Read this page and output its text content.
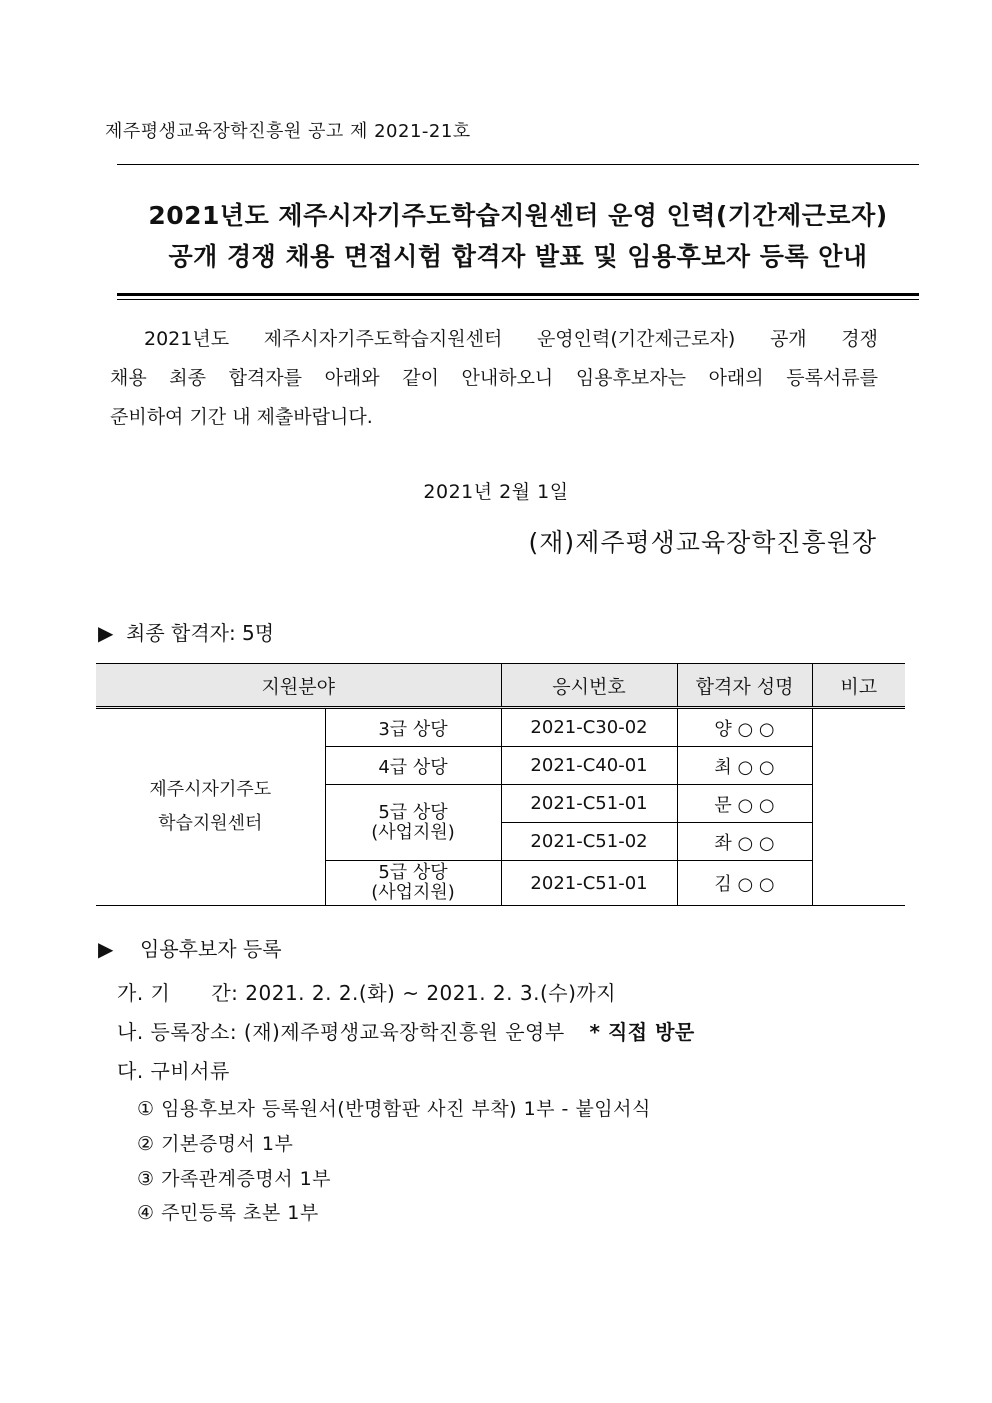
제주평생교육장학진흥원 공고 제 2021-21호
2021년도 제주시자기주도학습지원센터 운영 인력(기간제근로자)
공개 경쟁 채용 면접시험 합격자 발표 및 임용후보자 등록 안내
2021년도 제주시자기주도학습지원센터 운영인력(기간제근로자) 공개 경쟁
채용 최종 합격자를 아래와 같이 안내하오니 임용후보자는 아래의 등록서류를
준비하여 기간 내 제출바랍니다.
2021년 2월 1일
(재)제주평생교육장학진흥원장
▶ 최종 합격자: 5명
지원분야		응시번호	합격자 성명	비고

제주시자기주도
학습지원센터	3급 상당	2021-C30-02	양 ○ ○	
	4급 상당	2021-C40-01	최 ○ ○	

	5급 상당
(사업지원)	2021-C51-01	문 ○ ○	
		2021-C51-02	좌 ○ ○	

	5급 상당
(사업지원)	2021-C51-01	김 ○ ○	
▶ 임용후보자 등록
가. 기　　간: 2021. 2. 2.(화) ~ 2021. 2. 3.(수)까지
나. 등록장소: (재)제주평생교육장학진흥원 운영부 * 직접 방문
다. 구비서류
① 임용후보자 등록원서(반명함판 사진 부착) 1부 - 붙임서식
② 기본증명서 1부
③ 가족관계증명서 1부
④ 주민등록 초본 1부
